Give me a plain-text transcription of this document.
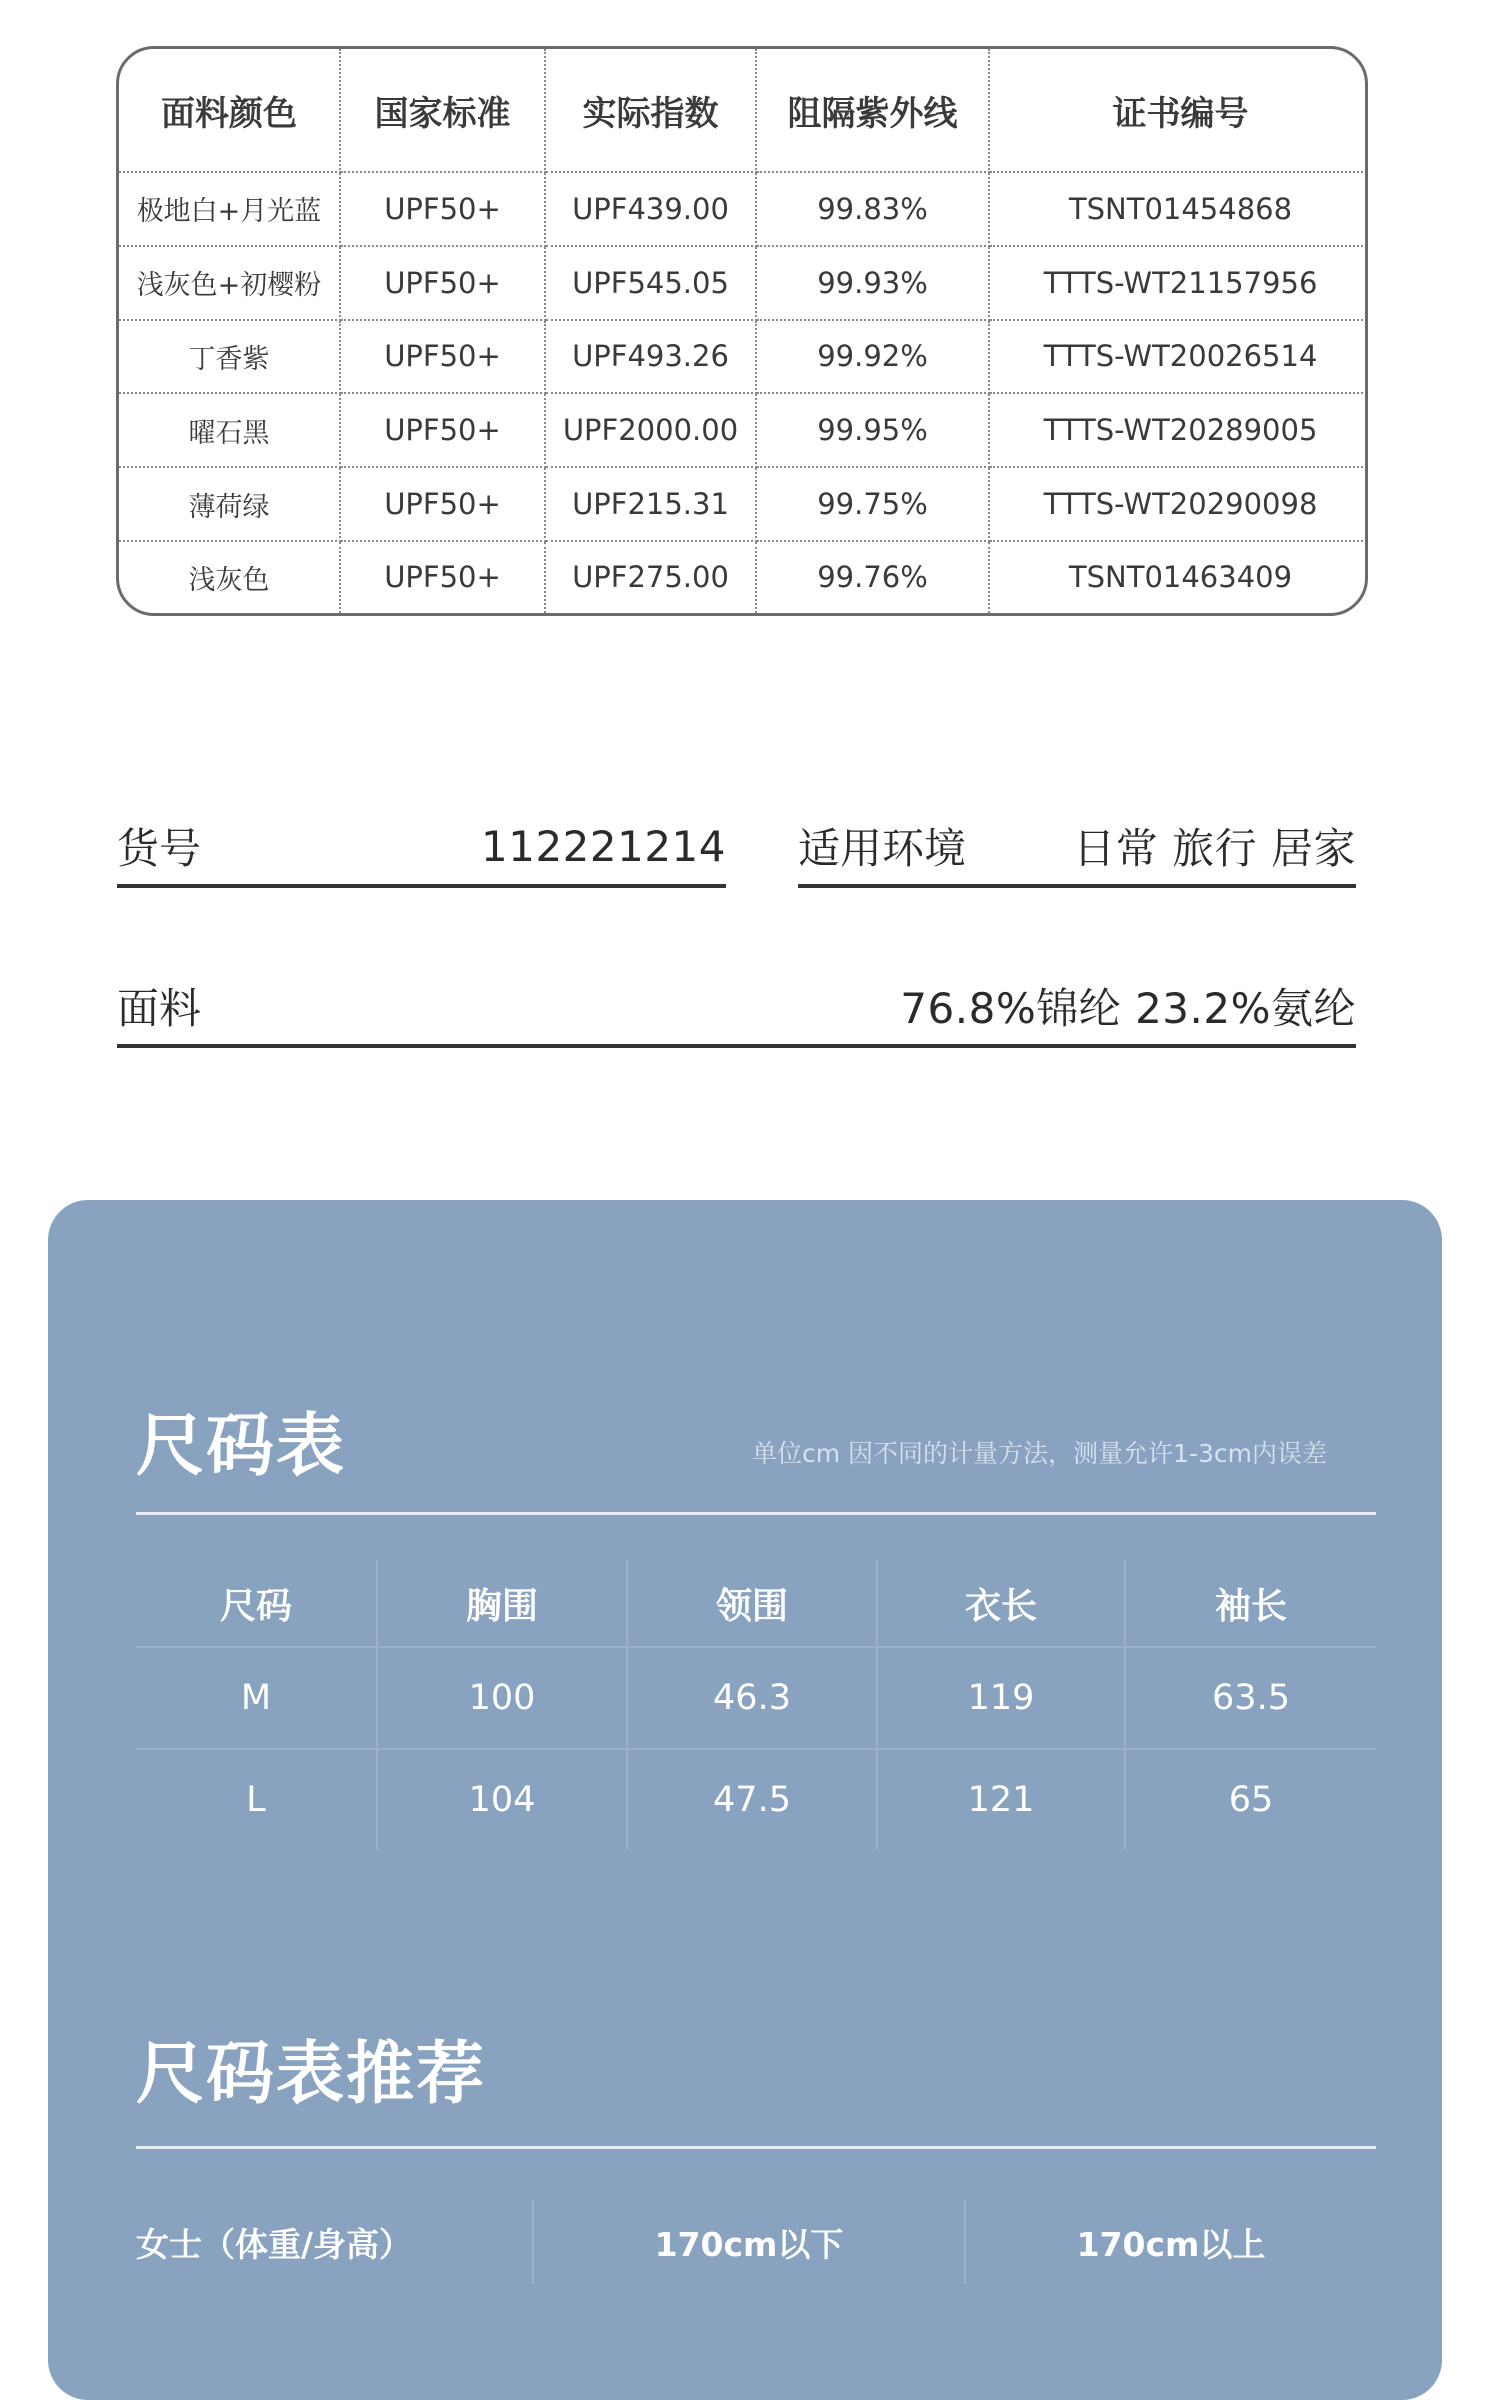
面料颜色	国家标准	实际指数	阻隔紫外线	证书编号
极地白+月光蓝	UPF50+	UPF439.00	99.83%	TSNT01454868
浅灰色+初樱粉	UPF50+	UPF545.05	99.93%	TTTS-WT21157956
丁香紫	UPF50+	UPF493.26	99.92%	TTTS-WT20026514
曜石黑	UPF50+	UPF2000.00	99.95%	TTTS-WT20289005
薄荷绿	UPF50+	UPF215.31	99.75%	TTTS-WT20290098
浅灰色	UPF50+	UPF275.00	99.76%	TSNT01463409
货号	112221214 适用环境	日常 旅行 居家
面料	76.8%锦纶 23.2%氨纶
尺码表	单位cm 因不同的计量方法，测量允许1-3cm内误差
尺码	胸围	领围	衣长	袖长
M	100	46.3	119	63.5
L	104	47.5	121	65
尺码表推荐
女士（体重/身高）	170cm以下	170cm以上
